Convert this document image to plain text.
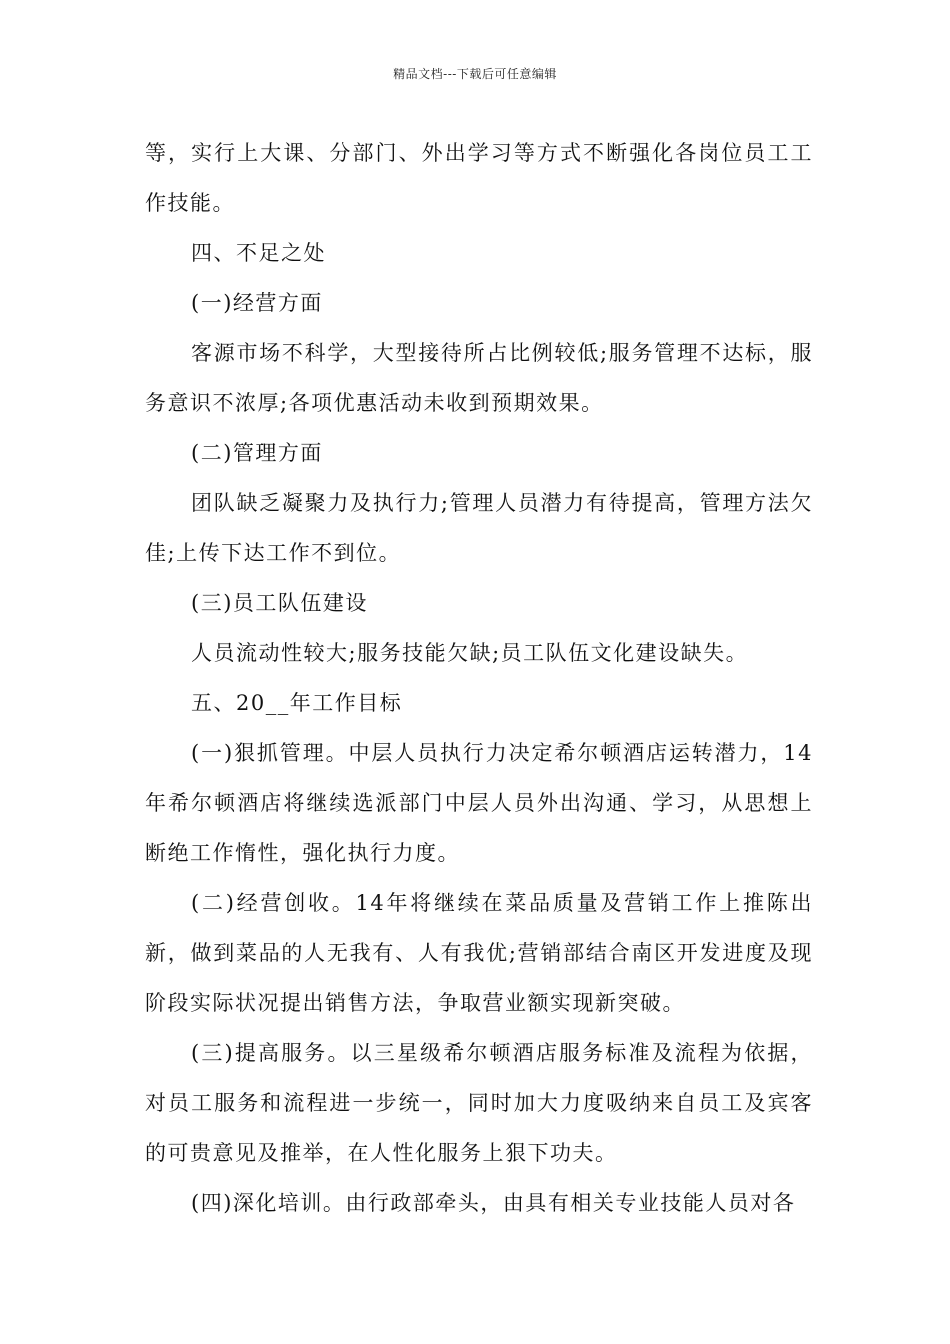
精品文档---下载后可任意编辑

等，实行上大课、分部门、外出学习等方式不断强化各岗位员工工作技能。

四、不足之处

(一)经营方面

客源市场不科学，大型接待所占比例较低;服务管理不达标，服务意识不浓厚;各项优惠活动未收到预期效果。

(二)管理方面

团队缺乏凝聚力及执行力;管理人员潜力有待提高，管理方法欠佳;上传下达工作不到位。

(三)员工队伍建设

人员流动性较大;服务技能欠缺;员工队伍文化建设缺失。

五、20__年工作目标

(一)狠抓管理。中层人员执行力决定希尔顿酒店运转潜力，14年希尔顿酒店将继续选派部门中层人员外出沟通、学习，从思想上断绝工作惰性，强化执行力度。

(二)经营创收。14年将继续在菜品质量及营销工作上推陈出新，做到菜品的人无我有、人有我优;营销部结合南区开发进度及现阶段实际状况提出销售方法，争取营业额实现新突破。

(三)提高服务。以三星级希尔顿酒店服务标准及流程为依据，对员工服务和流程进一步统一，同时加大力度吸纳来自员工及宾客的可贵意见及推举，在人性化服务上狠下功夫。

(四)深化培训。由行政部牵头，由具有相关专业技能人员对各
